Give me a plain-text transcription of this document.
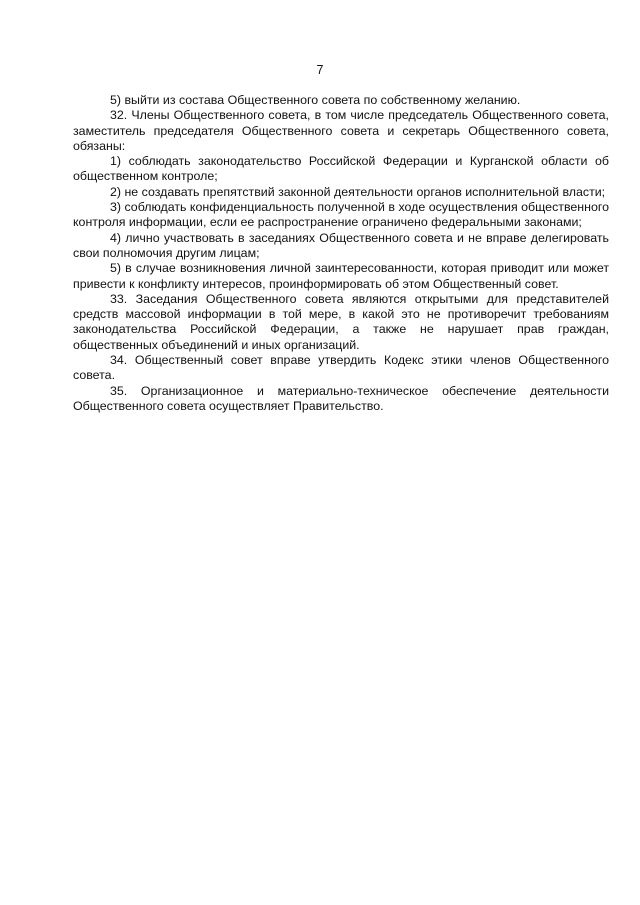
7

5) выйти из состава Общественного совета по собственному желанию.

32. Члены Общественного совета, в том числе председатель Общественного совета, заместитель председателя Общественного совета и секретарь Общественного совета, обязаны:

1) соблюдать законодательство Российской Федерации и Курганской области об общественном контроле;

2) не создавать препятствий законной деятельности органов исполнительной власти;

3) соблюдать конфиденциальность полученной в ходе осуществления общественного контроля информации, если ее распространение ограничено федеральными законами;

4) лично участвовать в заседаниях Общественного совета и не вправе делегировать свои полномочия другим лицам;

5) в случае возникновения личной заинтересованности, которая приводит или может привести к конфликту интересов, проинформировать об этом Общественный совет.

33. Заседания Общественного совета являются открытыми для представителей средств массовой информации в той мере, в какой это не противоречит требованиям законодательства Российской Федерации, а также не нарушает прав граждан, общественных объединений и иных организаций.

34. Общественный совет вправе утвердить Кодекс этики членов Общественного совета.

35. Организационное и материально-техническое обеспечение деятельности Общественного совета осуществляет Правительство.
